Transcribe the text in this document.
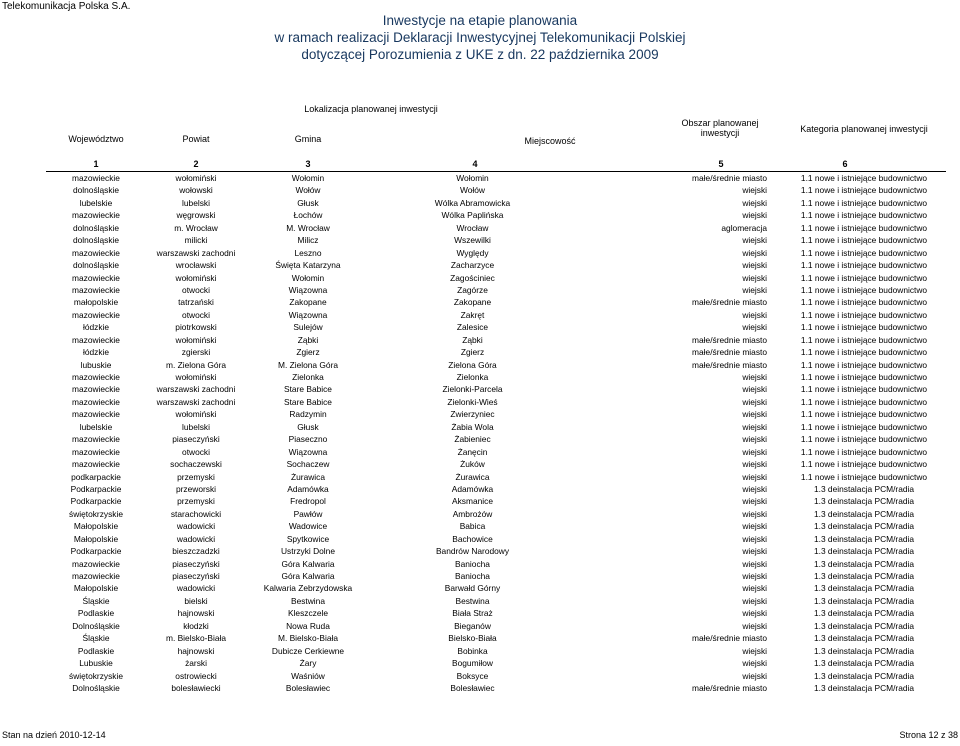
Telekomunikacja Polska S.A.
Inwestycje na etapie planowania
w ramach realizacji Deklaracji Inwestycyjnej Telekomunikacji Polskiej
dotyczącej Porozumienia z UKE z dn. 22 października 2009
Lokalizacja planowanej inwestycji
Województwo	Powiat	Gmina	Miejscowość
Obszar planowanej inwestycji	Kategoria planowanej inwestycji
1	2	3	4	5	6
mazowieckie	wołomiński	Wołomin	Wołomin	małe/średnie miasto	1.1 nowe i istniejące budownictwo
dolnośląskie	wołowski	Wołów	Wołów	wiejski	1.1 nowe i istniejące budownictwo
lubelskie	lubelski	Głusk	Wólka Abramowicka	wiejski	1.1 nowe i istniejące budownictwo
mazowieckie	węgrowski	Łochów	Wólka Paplińska	wiejski	1.1 nowe i istniejące budownictwo
dolnośląskie	m. Wrocław	M. Wrocław	Wrocław	aglomeracja	1.1 nowe i istniejące budownictwo
dolnośląskie	milicki	Milicz	Wszewilki	wiejski	1.1 nowe i istniejące budownictwo
mazowieckie	warszawski zachodni	Leszno	Wyględy	wiejski	1.1 nowe i istniejące budownictwo
dolnośląskie	wrocławski	Święta Katarzyna	Zacharzyce	wiejski	1.1 nowe i istniejące budownictwo
mazowieckie	wołomiński	Wołomin	Zagościniec	wiejski	1.1 nowe i istniejące budownictwo
mazowieckie	otwocki	Wiązowna	Zagórze	wiejski	1.1 nowe i istniejące budownictwo
małopolskie	tatrzański	Zakopane	Zakopane	małe/średnie miasto	1.1 nowe i istniejące budownictwo
mazowieckie	otwocki	Wiązowna	Zakręt	wiejski	1.1 nowe i istniejące budownictwo
łódzkie	piotrkowski	Sulejów	Zalesice	wiejski	1.1 nowe i istniejące budownictwo
mazowieckie	wołomiński	Ząbki	Ząbki	małe/średnie miasto	1.1 nowe i istniejące budownictwo
łódzkie	zgierski	Zgierz	Zgierz	małe/średnie miasto	1.1 nowe i istniejące budownictwo
lubuskie	m. Zielona Góra	M. Zielona Góra	Zielona Góra	małe/średnie miasto	1.1 nowe i istniejące budownictwo
mazowieckie	wołomiński	Zielonka	Zielonka	wiejski	1.1 nowe i istniejące budownictwo
mazowieckie	warszawski zachodni	Stare Babice	Zielonki-Parcela	wiejski	1.1 nowe i istniejące budownictwo
mazowieckie	warszawski zachodni	Stare Babice	Zielonki-Wieś	wiejski	1.1 nowe i istniejące budownictwo
mazowieckie	wołomiński	Radzymin	Zwierzyniec	wiejski	1.1 nowe i istniejące budownictwo
lubelskie	lubelski	Głusk	Żabia Wola	wiejski	1.1 nowe i istniejące budownictwo
mazowieckie	piaseczyński	Piaseczno	Żabieniec	wiejski	1.1 nowe i istniejące budownictwo
mazowieckie	otwocki	Wiązowna	Żanęcin	wiejski	1.1 nowe i istniejące budownictwo
mazowieckie	sochaczewski	Sochaczew	Żuków	wiejski	1.1 nowe i istniejące budownictwo
podkarpackie	przemyski	Żurawica	Żurawica	wiejski	1.1 nowe i istniejące budownictwo
Podkarpackie	przeworski	Adamówka	Adamówka	wiejski	1.3 deinstalacja PCM/radia
Podkarpackie	przemyski	Fredropol	Aksmanice	wiejski	1.3 deinstalacja PCM/radia
świętokrzyskie	starachowicki	Pawłów	Ambrożów	wiejski	1.3 deinstalacja PCM/radia
Małopolskie	wadowicki	Wadowice	Babica	wiejski	1.3 deinstalacja PCM/radia
Małopolskie	wadowicki	Spytkowice	Bachowice	wiejski	1.3 deinstalacja PCM/radia
Podkarpackie	bieszczadzki	Ustrzyki Dolne	Bandrów Narodowy	wiejski	1.3 deinstalacja PCM/radia
mazowieckie	piaseczyński	Góra Kalwaria	Baniocha	wiejski	1.3 deinstalacja PCM/radia
mazowieckie	piaseczyński	Góra Kalwaria	Baniocha	wiejski	1.3 deinstalacja PCM/radia
Małopolskie	wadowicki	Kalwaria Zebrzydowska	Barwałd Górny	wiejski	1.3 deinstalacja PCM/radia
Śląskie	bielski	Bestwina	Bestwina	wiejski	1.3 deinstalacja PCM/radia
Podlaskie	hajnowski	Kleszczele	Biała Straż	wiejski	1.3 deinstalacja PCM/radia
Dolnośląskie	kłodzki	Nowa Ruda	Bieganów	wiejski	1.3 deinstalacja PCM/radia
Śląskie	m. Bielsko-Biała	M. Bielsko-Biała	Bielsko-Biała	małe/średnie miasto	1.3 deinstalacja PCM/radia
Podlaskie	hajnowski	Dubicze Cerkiewne	Bobinka	wiejski	1.3 deinstalacja PCM/radia
Lubuskie	żarski	Żary	Bogumiłow	wiejski	1.3 deinstalacja PCM/radia
świętokrzyskie	ostrowiecki	Waśniów	Boksyce	wiejski	1.3 deinstalacja PCM/radia
Dolnośląskie	bolesławiecki	Bolesławiec	Bolesławiec	małe/średnie miasto	1.3 deinstalacja PCM/radia
Stan na dzień 2010-12-14	Strona 12 z 38
